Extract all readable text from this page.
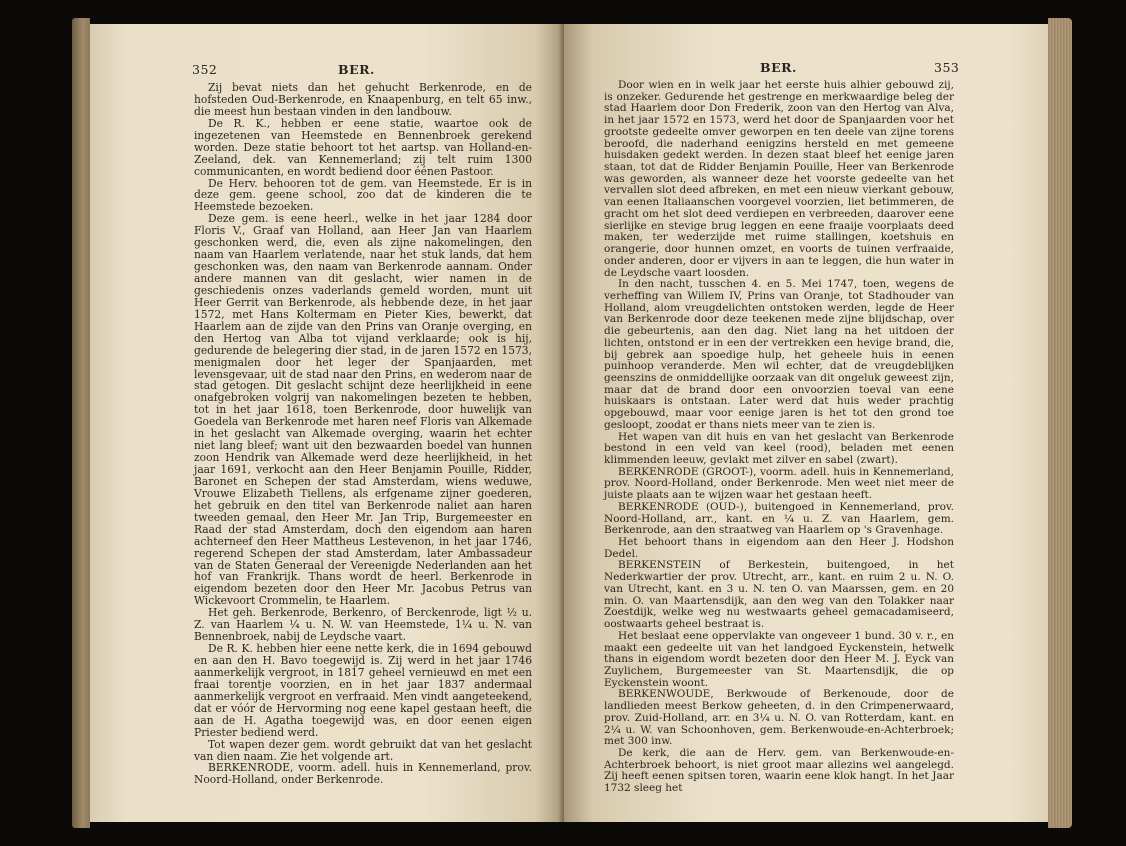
352	BER.

Zij bevat niets dan het gehucht Berkenrode, en de hofsteden Oud-Berkenrode, en Knaapenburg, en telt 65 inw., die meest hun bestaan vinden in den landbouw.

De R. K., hebben er eene statie, waartoe ook de ingezetenen van Heemstede en Bennenbroek gerekend worden. Deze statie behoort tot het aartsp. van Holland-en-Zeeland, dek. van Kennemerland; zij telt ruim 1300 communicanten, en wordt bediend door éénen Pastoor.

De Herv. behooren tot de gem. van Heemstede. Er is in deze gem. geene school, zoo dat de kinderen die te Heemstede bezoeken.

Deze gem. is eene heerl., welke in het jaar 1284 door Floris V., Graaf van Holland, aan Heer Jan van Haarlem geschonken werd, die, even als zijne nakomelingen, den naam van Haarlem verlatende, naar het stuk lands, dat hem geschonken was, den naam van Berkenrode aannam. Onder andere mannen van dit geslacht, wier namen in de geschiedenis onzes vaderlands gemeld worden, munt uit Heer Gerrit van Berkenrode, als hebbende deze, in het jaar 1572, met Hans Koltermam en Pieter Kies, bewerkt, dat Haarlem aan de zijde van den Prins van Oranje overging, en den Hertog van Alba tot vijand verklaarde; ook is hij, gedurende de belegering dier stad, in de jaren 1572 en 1573, menigmalen door het leger der Spanjaarden, met levensgevaar, uit de stad naar den Prins, en wederom naar de stad getogen. Dit geslacht schijnt deze heerlijkheid in eene onafgebroken volgrij van nakomelingen bezeten te hebben, tot in het jaar 1618, toen Berkenrode, door huwelijk van Goedela van Berkenrode met haren neef Floris van Alkemade in het geslacht van Alkemade overging, waarin het echter niet lang bleef; want uit den bezwaarden boedel van hunnen zoon Hendrik van Alkemade werd deze heerlijkheid, in het jaar 1691, verkocht aan den Heer Benjamin Pouille, Ridder, Baronet en Schepen der stad Amsterdam, wiens weduwe, Vrouwe Elizabeth Tiellens, als erfgename zijner goederen, het gebruik en den titel van Berkenrode naliet aan haren tweeden gemaal, den Heer Mr. Jan Trip, Burgemeester en Raad der stad Amsterdam, doch den eigendom aan haren achterneef den Heer Mattheus Lestevenon, in het jaar 1746, regerend Schepen der stad Amsterdam, later Ambassadeur van de Staten Generaal der Vereenigde Nederlanden aan het hof van Frankrijk. Thans wordt de heerl. Berkenrode in eigendom bezeten door den Heer Mr. Jacobus Petrus van Wickevoort Crommelin, te Haarlem.

Het geh. Berkenrode, Berkenro, of Berckenrode, ligt ½ u. Z. van Haarlem ¼ u. N. W. van Heemstede, 1¼ u. N. van Bennenbroek, nabij de Leydsche vaart.

De R. K. hebben hier eene nette kerk, die in 1694 gebouwd en aan den H. Bavo toegewijd is. Zij werd in het jaar 1746 aanmerkelijk vergroot, in 1817 geheel vernieuwd en met een fraai torentje voorzien, en in het jaar 1837 andermaal aanmerkelijk vergroot en verfraaid. Men vindt aangeteekend, dat er vóór de Hervorming nog eene kapel gestaan heeft, die aan de H. Agatha toegewijd was, en door eenen eigen Priester bediend werd.

Tot wapen dezer gem. wordt gebruikt dat van het geslacht van dien naam. Zie het volgende art.

BERKENRODE, voorm. adell. huis in Kennemerland, prov. Noord-Holland, onder Berkenrode.

BER.	353

Door wien en in welk jaar het eerste huis alhier gebouwd zij, is onzeker. Gedurende het gestrenge en merkwaardige beleg der stad Haarlem door Don Frederik, zoon van den Hertog van Alva, in het jaar 1572 en 1573, werd het door de Spanjaarden voor het grootste gedeelte omver geworpen en ten deele van zijne torens beroofd, die naderhand eenigzins hersteld en met gemeene huisdaken gedekt werden. In dezen staat bleef het eenige jaren staan, tot dat de Ridder Benjamin Pouille, Heer van Berkenrode was geworden, als wanneer deze het voorste gedeelte van het vervallen slot deed afbreken, en met een nieuw vierkant gebouw, van eenen Italiaanschen voorgevel voorzien, liet betimmeren, de gracht om het slot deed verdiepen en verbreeden, daarover eene sierlijke en stevige brug leggen en eene fraaije voorplaats deed maken, ter wederzijde met ruime stallingen, koetshuis en orangerie, door hunnen omzet, en voorts de tuinen verfraaide, onder anderen, door er vijvers in aan te leggen, die hun water in de Leydsche vaart loosden.

In den nacht, tusschen 4. en 5. Mei 1747, toen, wegens de verheffing van Willem IV, Prins van Oranje, tot Stadhouder van Holland, alom vreugdelichten ontstoken werden, legde de Heer van Berkenrode door deze teekenen mede zijne blijdschap, over die gebeurtenis, aan den dag. Niet lang na het uitdoen der lichten, ontstond er in een der vertrekken een hevige brand, die, bij gebrek aan spoedige hulp, het geheele huis in eenen puinhoop veranderde. Men wil echter, dat de vreugdeblijken geenszins de onmiddellijke oorzaak van dit ongeluk geweest zijn, maar dat de brand door een onvoorzien toeval van eene huiskaars is ontstaan. Later werd dat huis weder prachtig opgebouwd, maar voor eenige jaren is het tot den grond toe gesloopt, zoodat er thans niets meer van te zien is.

Het wapen van dit huis en van het geslacht van Berkenrode bestond in een veld van keel (rood), beladen met eenen klimmenden leeuw, gevlakt met zilver en sabel (zwart).

BERKENRODE (GROOT-), voorm. adell. huis in Kennemerland, prov. Noord-Holland, onder Berkenrode. Men weet niet meer de juiste plaats aan te wijzen waar het gestaan heeft.

BERKENRODE (OUD-), buitengoed in Kennemerland, prov. Noord-Holland, arr., kant. en ¼ u. Z. van Haarlem, gem. Berkenrode, aan den straatweg van Haarlem op 's Gravenhage.

Het behoort thans in eigendom aan den Heer J. Hodshon Dedel.

BERKENSTEIN of Berkestein, buitengoed, in het Nederkwartier der prov. Utrecht, arr., kant. en ruim 2 u. N. O. van Utrecht, kant. en 3 u. N. ten O. van Maarssen, gem. en 20 min. O. van Maartensdijk, aan den weg van den Tolakker naar Zoestdijk, welke weg nu westwaarts geheel gemacadamiseerd, oostwaarts geheel bestraat is.

Het beslaat eene oppervlakte van ongeveer 1 bund. 30 v. r., en maakt een gedeelte uit van het landgoed Eyckenstein, hetwelk thans in eigendom wordt bezeten door den Heer M. J. Eyck van Zuylichem, Burgemeester van St. Maartensdijk, die op Eyckenstein woont.

BERKENWOUDE, Berkwoude of Berkenoude, door de landlieden meest Berkow geheeten, d. in den Crimpenerwaard, prov. Zuid-Holland, arr. en 3¼ u. N. O. van Rotterdam, kant. en 2¼ u. W. van Schoonhoven, gem. Berkenwoude-en-Achterbroek; met 300 inw.

De kerk, die aan de Herv. gem. van Berkenwoude-en-Achterbroek behoort, is niet groot maar allezins wel aangelegd. Zij heeft eenen spitsen toren, waarin eene klok hangt. In het Jaar 1732 sleeg het
